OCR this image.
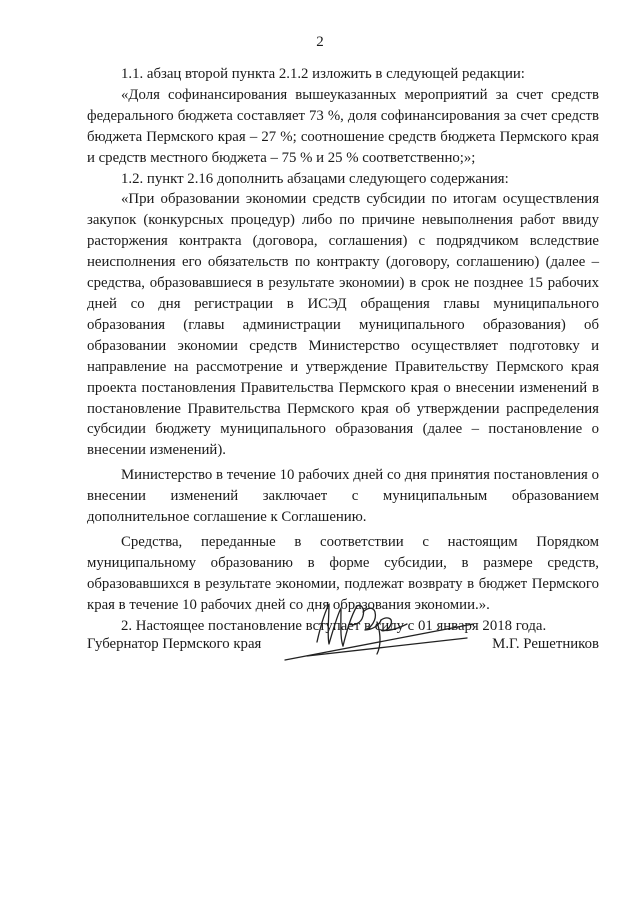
2

1.1. абзац второй пункта 2.1.2 изложить в следующей редакции:

«Доля софинансирования вышеуказанных мероприятий за счет средств федерального бюджета составляет 73 %, доля софинансирования за счет средств бюджета Пермского края – 27 %; соотношение средств бюджета Пермского края и средств местного бюджета – 75 % и 25 % соответственно;»;

1.2. пункт 2.16 дополнить абзацами следующего содержания:

«При образовании экономии средств субсидии по итогам осуществления закупок (конкурсных процедур) либо по причине невыполнения работ ввиду расторжения контракта (договора, соглашения) с подрядчиком вследствие неисполнения его обязательств по контракту (договору, соглашению) (далее – средства, образовавшиеся в результате экономии) в срок не позднее 15 рабочих дней со дня регистрации в ИСЭД обращения главы муниципального образования (главы администрации муниципального образования) об образовании экономии средств Министерство осуществляет подготовку и направление на рассмотрение и утверждение Правительству Пермского края проекта постановления Правительства Пермского края о внесении изменений в постановление Правительства Пермского края об утверждении распределения субсидии бюджету муниципального образования (далее – постановление о внесении изменений).

Министерство в течение 10 рабочих дней со дня принятия постановления о внесении изменений заключает с муниципальным образованием дополнительное соглашение к Соглашению.

Средства, переданные в соответствии с настоящим Порядком муниципальному образованию в форме субсидии, в размере средств, образовавшихся в результате экономии, подлежат возврату в бюджет Пермского края в течение 10 рабочих дней со дня образования экономии.».

2. Настоящее постановление вступает в силу с 01 января 2018 года.

Губернатор Пермского края	М.Г. Решетников
